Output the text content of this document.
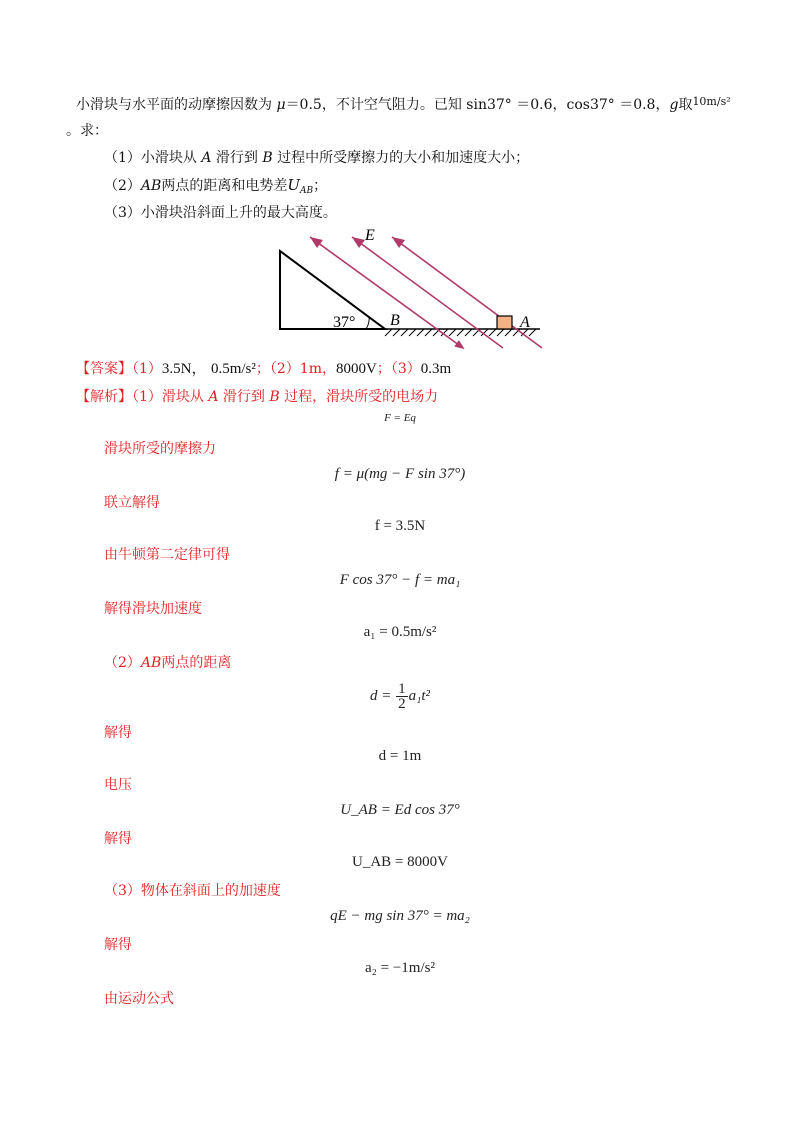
小滑块与水平面的动摩擦因数为 μ＝0.5，不计空气阻力。已知 sin37° ＝0.6，cos37° ＝0.8，g取$^{10m/s^2}$
。求：
（1）小滑块从 A 滑行到 B 过程中所受摩擦力的大小和加速度大小；
（2）AB两点的距离和电势差$U_{AB}$；
（3）小滑块沿斜面上升的最大高度。
E
37° B	A
【答案】（1）3.5N， 0.5m/s²；（2）1m，8000V；（3）0.3m
【解析】（1）滑块从 A 滑行到 B 过程，滑块所受的电场力
F = Eq
滑块所受的摩擦力
f = μ(mg − F sin 37°)
联立解得
f = 3.5N
由牛顿第二定律可得
F cos 37° − f = ma₁
解得滑块加速度
a₁ = 0.5m/s²
（2）AB两点的距离
$d = \frac{1}{2} a_1t^2$
解得
d = 1m
电压
U_AB = Ed cos 37°
解得
U_AB = 8000V
（3）物体在斜面上的加速度
qE − mg sin 37° = ma₂
解得
a₂ = −1m/s²
由运动公式
